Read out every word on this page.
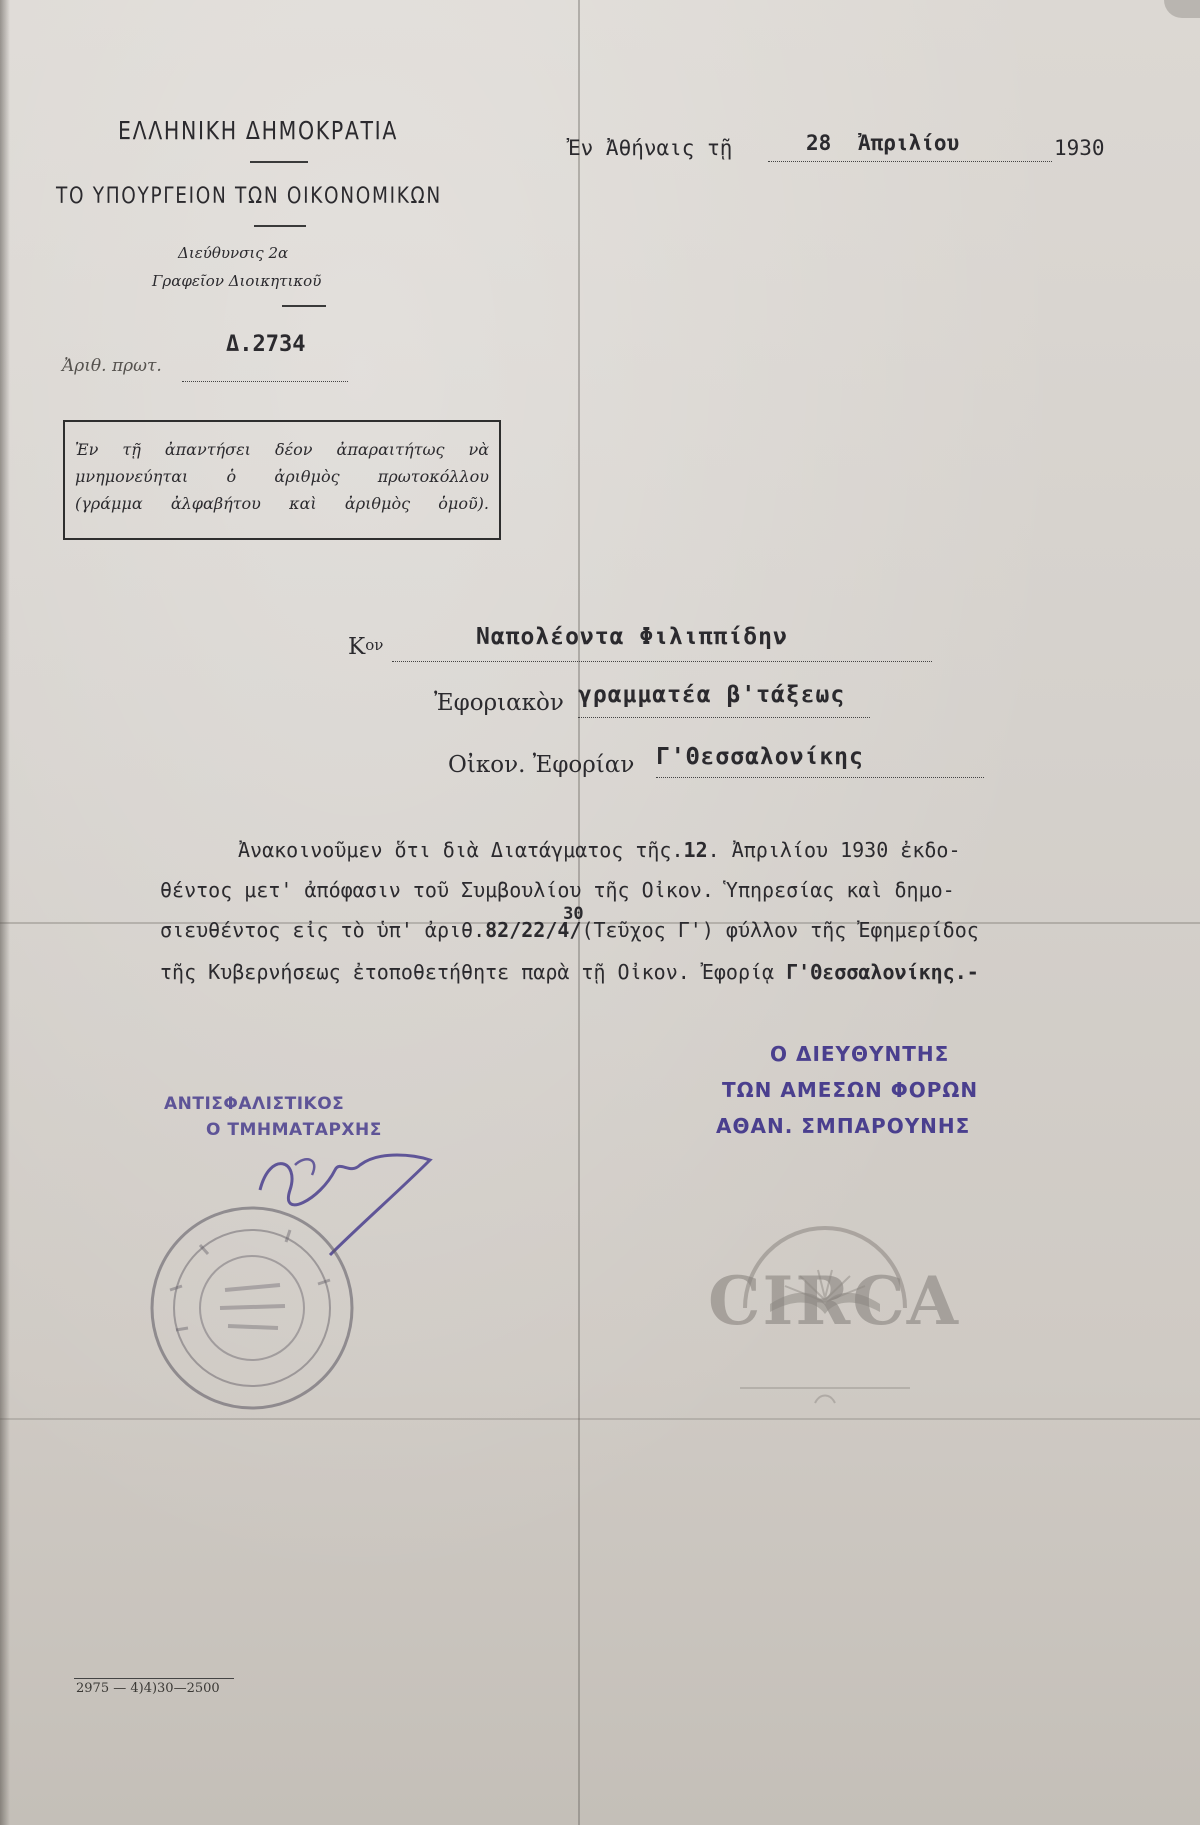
ΕΛΛΗΝΙΚΗ ΔΗΜΟΚΡΑΤΙΑ
ΤΟ ΥΠΟΥΡΓΕΙΟΝ ΤΩΝ ΟΙΚΟΝΟΜΙΚΩΝ
Διεύθυνσις 2α
Γραφεῖον Διοικητικοῦ
Δ.2734
Ἀριθ. πρωτ.
Ἐν τῇ ἀπαντήσει δέον ἀπαραιτήτως νὰ
μνημονεύηται ὁ ἀριθμὸς πρωτοκόλλου
(γράμμα ἀλφαβήτου καὶ ἀριθμὸς ὁμοῦ).
Ἐν Ἀθήναις τῇ	28 Ἀπριλίου	1930
Κον	Ναπολέοντα Φιλιππίδην
Ἐφοριακὸν γραμματέα β'τάξεως
Οἰκον. Ἐφορίαν Γ'Θεσσαλονίκης
Ἀνακοινοῦμεν ὅτι διὰ Διατάγματος τῆς.12. Ἀπριλίου 1930 ἐκδο-
θέντος μετ' ἀπόφασιν τοῦ Συμβουλίου τῆς Οἰκον. Ὑπηρεσίας καὶ δημο-
σιευθέντος εἰς τὸ ὑπ' ἀριθ.82/22/4/
30
(Τεῦχος Γ') φύλλον τῆς Ἐφημερίδος
τῆς Κυβερνήσεως ἐτοποθετήθητε παρὰ τῇ Οἰκον. Ἐφορίᾳ Γ'Θεσσαλονίκης.-
Ο ΔΙΕΥΘΥΝΤΗΣ
ΤΩΝ ΑΜΕΣΩΝ ΦΟΡΩΝ
ΑΘΑΝ. ΣΜΠΑΡΟΥΝΗΣ
ΑΝΤΙΣΦΑΛΙΣΤΙΚΟΣ
Ο ΤΜΗΜΑΤΑΡΧΗΣ
CIRCA
2975 — 4)4)30—2500
